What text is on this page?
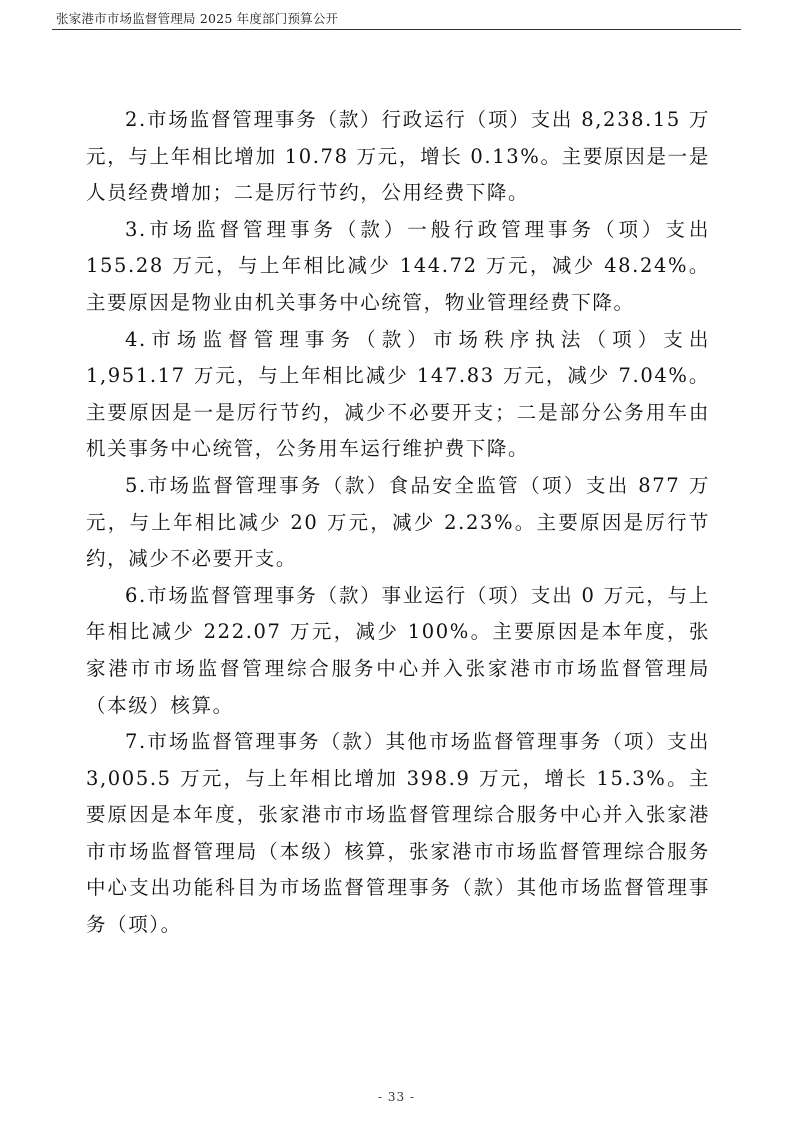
张家港市市场监督管理局 2025 年度部门预算公开

2.市场监督管理事务（款）行政运行（项）支出 8,238.15 万元，与上年相比增加 10.78 万元，增长 0.13%。主要原因是一是人员经费增加；二是厉行节约，公用经费下降。

3.市场监督管理事务（款）一般行政管理事务（项）支出 155.28 万元，与上年相比减少 144.72 万元，减少 48.24%。主要原因是物业由机关事务中心统管，物业管理经费下降。

4.市场监督管理事务（款）市场秩序执法（项）支出 1,951.17 万元，与上年相比减少 147.83 万元，减少 7.04%。主要原因是一是厉行节约，减少不必要开支；二是部分公务用车由机关事务中心统管，公务用车运行维护费下降。

5.市场监督管理事务（款）食品安全监管（项）支出 877 万元，与上年相比减少 20 万元，减少 2.23%。主要原因是厉行节约，减少不必要开支。

6.市场监督管理事务（款）事业运行（项）支出 0 万元，与上年相比减少 222.07 万元，减少 100%。主要原因是本年度，张家港市市场监督管理综合服务中心并入张家港市市场监督管理局（本级）核算。

7.市场监督管理事务（款）其他市场监督管理事务（项）支出 3,005.5 万元，与上年相比增加 398.9 万元，增长 15.3%。主要原因是本年度，张家港市市场监督管理综合服务中心并入张家港市市场监督管理局（本级）核算，张家港市市场监督管理综合服务中心支出功能科目为市场监督管理事务（款）其他市场监督管理事务（项）。

- 33 -
